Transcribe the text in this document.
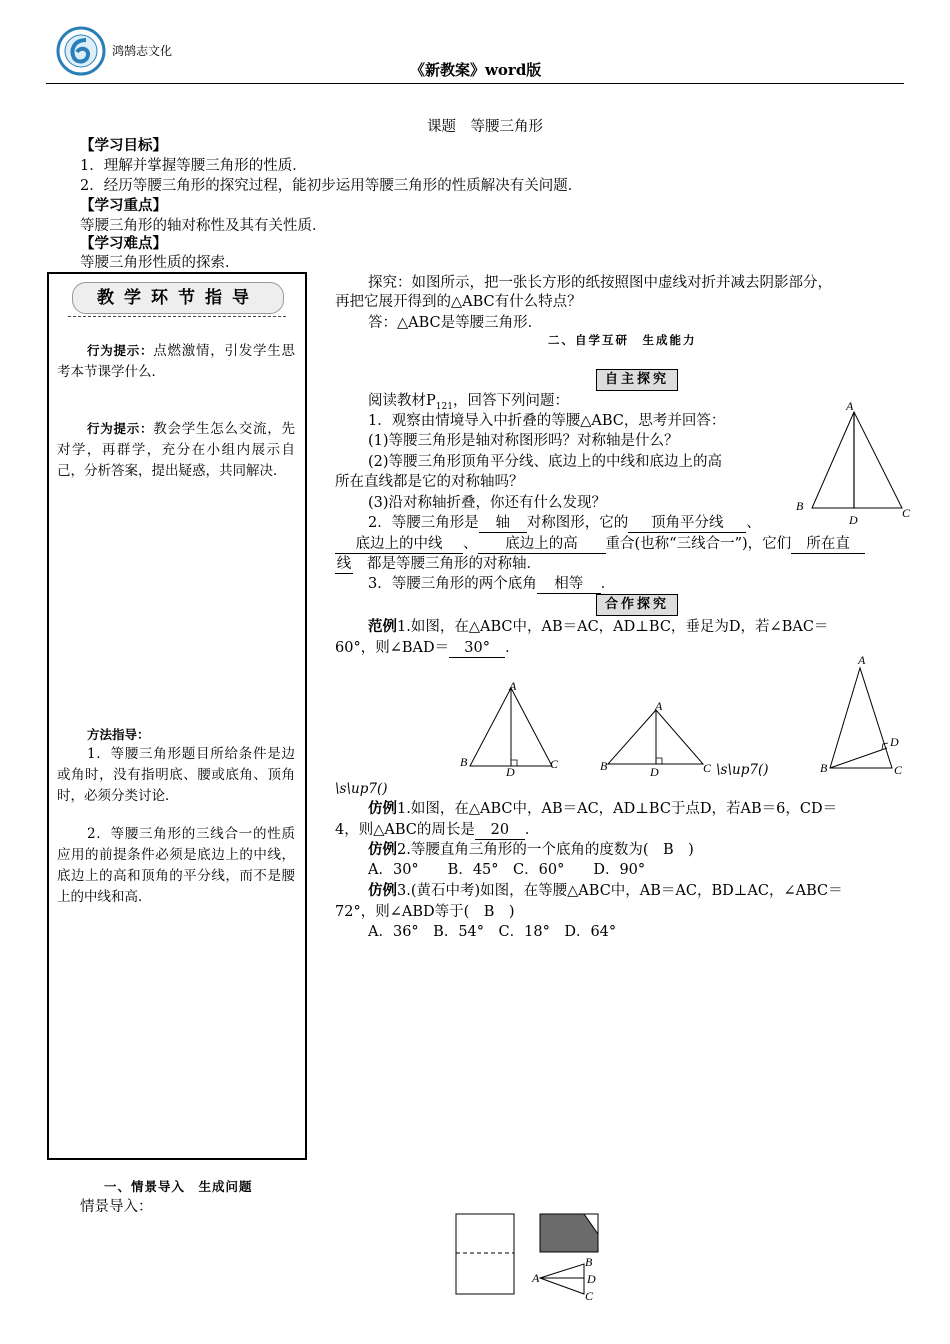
鸿鹄志文化
《新教案》word版
课题　等腰三角形
【学习目标】
1．理解并掌握等腰三角形的性质．
2．经历等腰三角形的探究过程，能初步运用等腰三角形的性质解决有关问题．
【学习重点】
等腰三角形的轴对称性及其有关性质．
【学习难点】
等腰三角形性质的探索．
教学环节指导
行为提示：点燃激情，引发学生思考本节课学什么．
行为提示：教会学生怎么交流，先对学，再群学，充分在小组内展示自己，分析答案，提出疑惑，共同解决．
方法指导：
1．等腰三角形题目所给条件是边或角时，没有指明底、腰或底角、顶角时，必须分类讨论．
2．等腰三角形的三线合一的性质应用的前提条件必须是底边上的中线，底边上的高和顶角的平分线，而不是腰上的中线和高．
探究：如图所示，把一张长方形的纸按照图中虚线对折并减去阴影部分，
再把它展开得到的△ABC有什么特点？
答：△ABC是等腰三角形．
二、自学互研　生成能力
自主探究
阅读教材$P_{121}$，回答下列问题：
1．观察由情境导入中折叠的等腰△ABC，思考并回答：
(1)等腰三角形是轴对称图形吗？对称轴是什么？
(2)等腰三角形顶角平分线、底边上的中线和底边上的高
所在直线都是它的对称轴吗？
(3)沿对称轴折叠，你还有什么发现？
A
B	C
D
2．等腰三角形是 轴 对称图形，它的 顶角平分线 、
底边上的中线 、 底边上的高 重合(也称“三线合一”)，它们 所在直
线 都是等腰三角形的对称轴．
3．等腰三角形的两个底角 相等 ．
合作探究
范例1.如图，在△ABC中，AB＝AC，AD⊥BC，垂足为D，若∠BAC＝
60°，则∠BAD＝ 30° ．
A
B	C
D
A
B	C
D	\s\up7()
A
B	C
D
\s\up7()
仿例1.如图，在△ABC中，AB＝AC，AD⊥BC于点D，若AB＝6，CD＝
4，则△ABC的周长是 20 ．
仿例2.等腰直角三角形的一个底角的度数为(　B　)
A．30°　　B．45°　C．60°　　D．90°
仿例3.(黄石中考)如图，在等腰△ABC中，AB＝AC，BD⊥AC，∠ABC＝
72°，则∠ABD等于(　B　)
A．36°　B．54°　C．18°　D．64°
一、情景导入　生成问题
情景导入：
B
A	D
C
